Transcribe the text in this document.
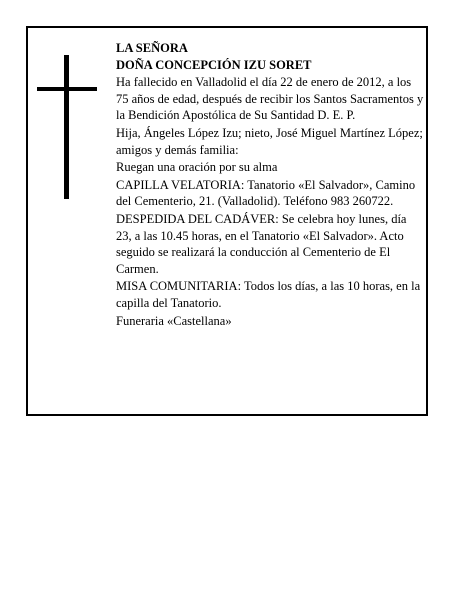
LA SEÑORA

DOÑA CONCEPCIÓN IZU SORET

Ha fallecido en Valladolid el día 22 de enero de 2012, a los 75 años de edad, después de recibir los Santos Sacramentos y la Bendición Apostólica de Su Santidad D. E. P.

Hija, Ángeles López Izu; nieto, José Miguel Martínez López; amigos y demás familia:

Ruegan una oración por su alma

CAPILLA VELATORIA: Tanatorio «El Salvador», Camino del Cementerio, 21. (Valladolid). Teléfono 983 260722.

DESPEDIDA DEL CADÁVER: Se celebra hoy lunes, día 23, a las 10.45 horas, en el Tanatorio «El Salvador». Acto seguido se realizará la conducción al Cementerio de El Carmen.

MISA COMUNITARIA: Todos los días, a las 10 horas, en la capilla del Tanatorio.

Funeraria «Castellana»
